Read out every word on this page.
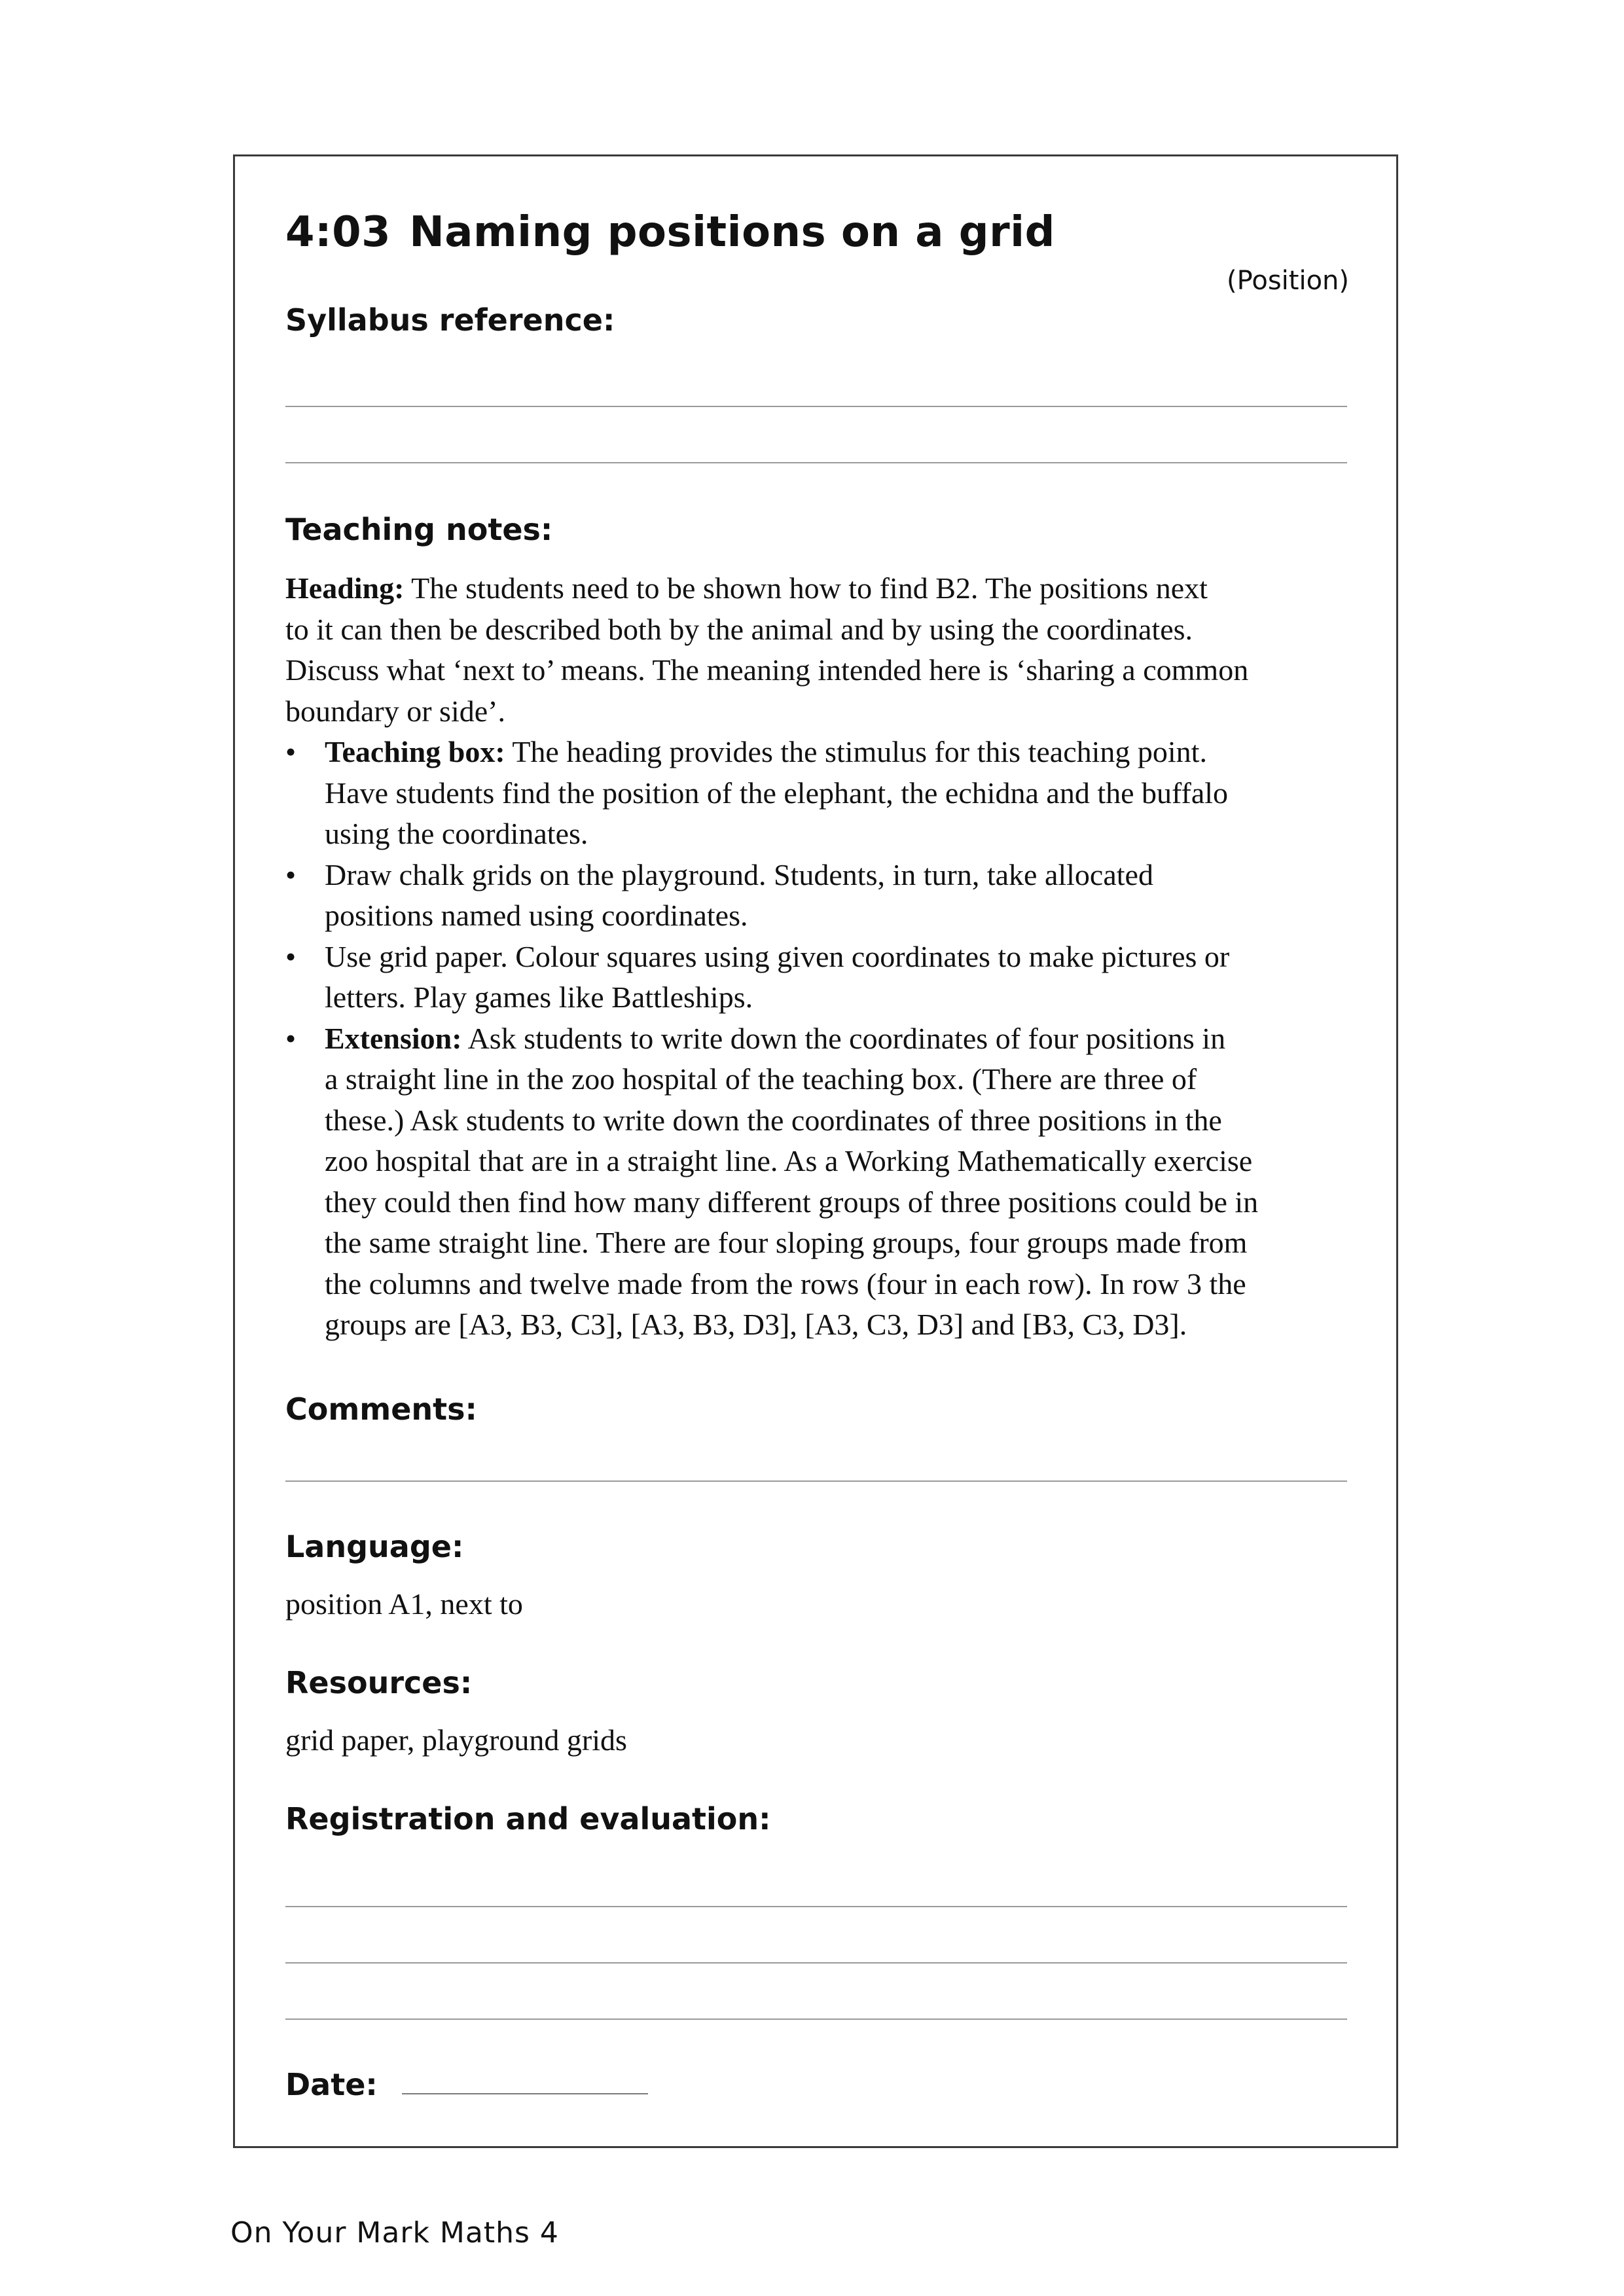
4:03 Naming positions on a grid
(Position)
Syllabus reference:
Teaching notes:

Heading: The students need to be shown how to find B2. The positions next
to it can then be described both by the animal and by using the coordinates.
Discuss what ‘next to’ means. The meaning intended here is ‘sharing a common
boundary or side’.

• Teaching box: The heading provides the stimulus for this teaching point.
Have students find the position of the elephant, the echidna and the buffalo
using the coordinates.
• Draw chalk grids on the playground. Students, in turn, take allocated
positions named using coordinates.
• Use grid paper. Colour squares using given coordinates to make pictures or
letters. Play games like Battleships.
• Extension: Ask students to write down the coordinates of four positions in
a straight line in the zoo hospital of the teaching box. (There are three of
these.) Ask students to write down the coordinates of three positions in the
zoo hospital that are in a straight line. As a Working Mathematically exercise
they could then find how many different groups of three positions could be in
the same straight line. There are four sloping groups, four groups made from
the columns and twelve made from the rows (four in each row). In row 3 the
groups are [A3, B3, C3], [A3, B3, D3], [A3, C3, D3] and [B3, C3, D3].
Comments:
Language:
position A1, next to
Resources:
grid paper, playground grids
Registration and evaluation:
Date:
On Your Mark Maths 4
